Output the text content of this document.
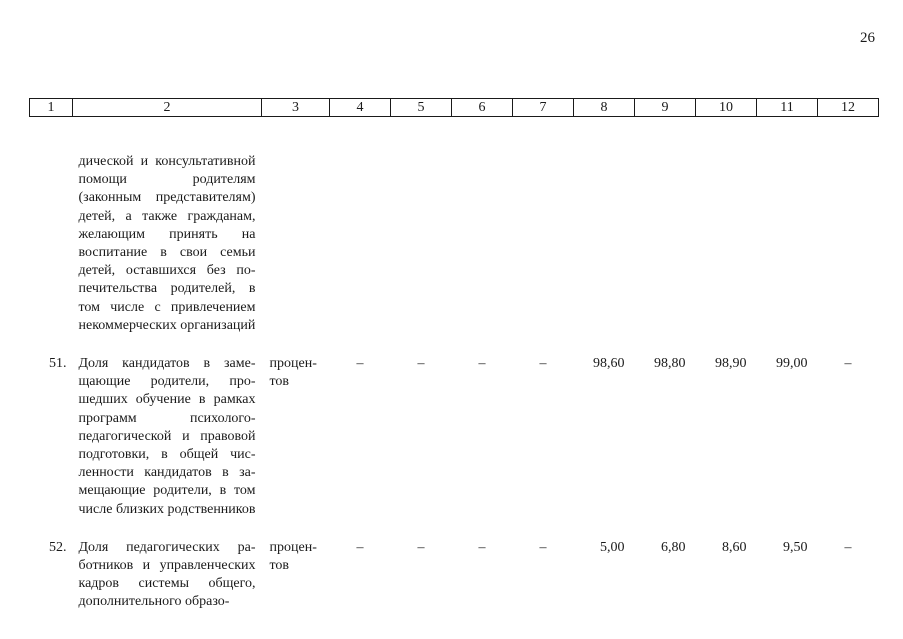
26
1	2	3	4	5	6	7	8	9	10	11	12
	дической и консультативной помощи родителям (законным представителям) детей, а также гражданам, желающим принять на воспитание в свои семьи детей, оставшихся без попечительства родителей, в том числе с привлечением некоммерческих организаций										
51.	Доля кандидатов в замещающие родители, прошедших обучение в рамках программ психолого-педагогической и правовой подготовки, в общей численности кандидатов в замещающие родители, в том числе близких родственников	процентов	–	–	–	–	98,60	98,80	98,90	99,00	–
52.	Доля педагогических работников и управленческих кадров системы общего, дополнительного образо-	процентов	–	–	–	–	5,00	6,80	8,60	9,50	–
